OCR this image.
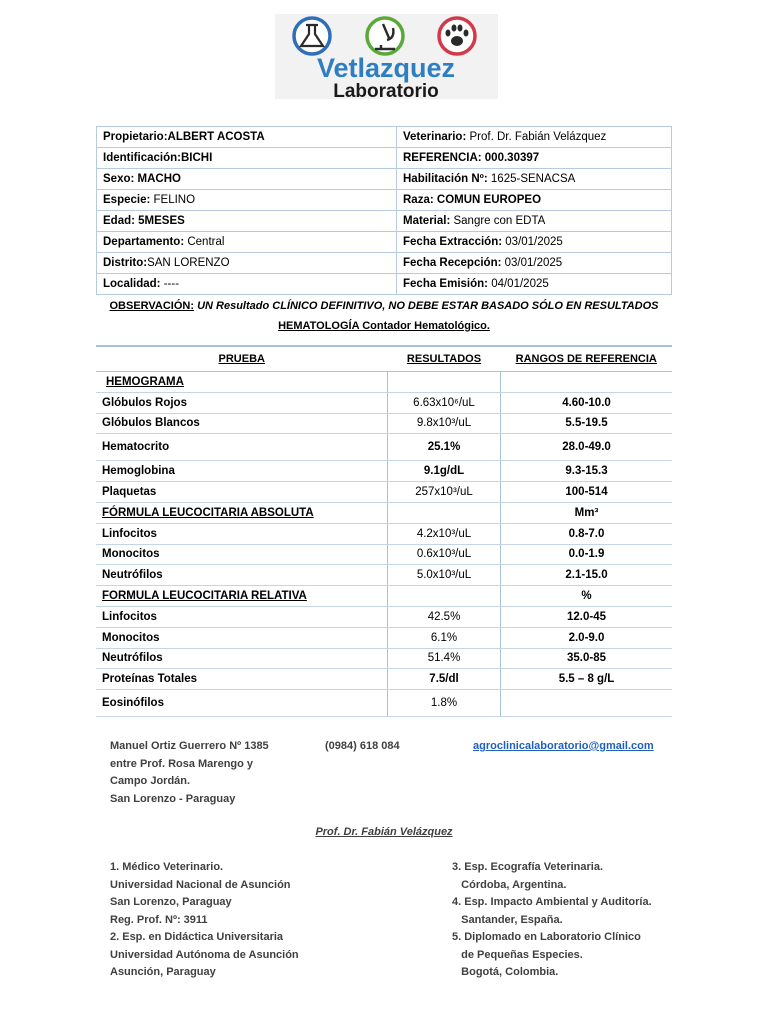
Vetlazquez
Laboratorio
Propietario:ALBERT ACOSTA	Veterinario: Prof. Dr. Fabián Velázquez
Identificación:BICHI	REFERENCIA: 000.30397
Sexo: MACHO	Habilitación Nº: 1625-SENACSA
Especie: FELINO	Raza: COMUN EUROPEO
Edad: 5MESES	Material: Sangre con EDTA
Departamento: Central	Fecha Extracción: 03/01/2025
Distrito:SAN LORENZO	Fecha Recepción: 03/01/2025
Localidad: ----	Fecha Emisión: 04/01/2025
OBSERVACIÓN: UN Resultado CLÍNICO DEFINITIVO, NO DEBE ESTAR BASADO SÓLO EN RESULTADOS
HEMATOLOGÍA Contador Hematológico.
PRUEBA	RESULTADOS	RANGOS DE REFERENCIA
HEMOGRAMA		
Glóbulos Rojos	6.63x10⁶/uL	4.60-10.0
Glóbulos Blancos	9.8x10³/uL	5.5-19.5
Hematocrito	25.1%	28.0-49.0
Hemoglobina	9.1g/dL	9.3-15.3
Plaquetas	257x10³/uL	100-514
FÓRMULA LEUCOCITARIA ABSOLUTA		Mm³
Linfocitos	4.2x10³/uL	0.8-7.0
Monocitos	0.6x10³/uL	0.0-1.9
Neutrófilos	5.0x10³/uL	2.1-15.0
FORMULA LEUCOCITARIA RELATIVA		%
Linfocitos	42.5%	12.0-45
Monocitos	6.1%	2.0-9.0
Neutrófilos	51.4%	35.0-85
Proteínas Totales	7.5/dl	5.5 – 8 g/L
Eosinófilos	1.8%	
Manuel Ortiz Guerrero Nº 1385
entre Prof. Rosa Marengo y
Campo Jordán.
San Lorenzo - Paraguay
(0984) 618 084	agroclinicalaboratorio@gmail.com
Prof. Dr. Fabián Velázquez
1. Médico Veterinario.
Universidad Nacional de Asunción
San Lorenzo, Paraguay
Reg. Prof. Nº: 3911
2. Esp. en Didáctica Universitaria
Universidad Autónoma de Asunción
Asunción, Paraguay
3. Esp. Ecografía Veterinaria.
Córdoba, Argentina.
4. Esp. Impacto Ambiental y Auditoría.
Santander, España.
5. Diplomado en Laboratorio Clínico
de Pequeñas Especies.
Bogotá, Colombia.
